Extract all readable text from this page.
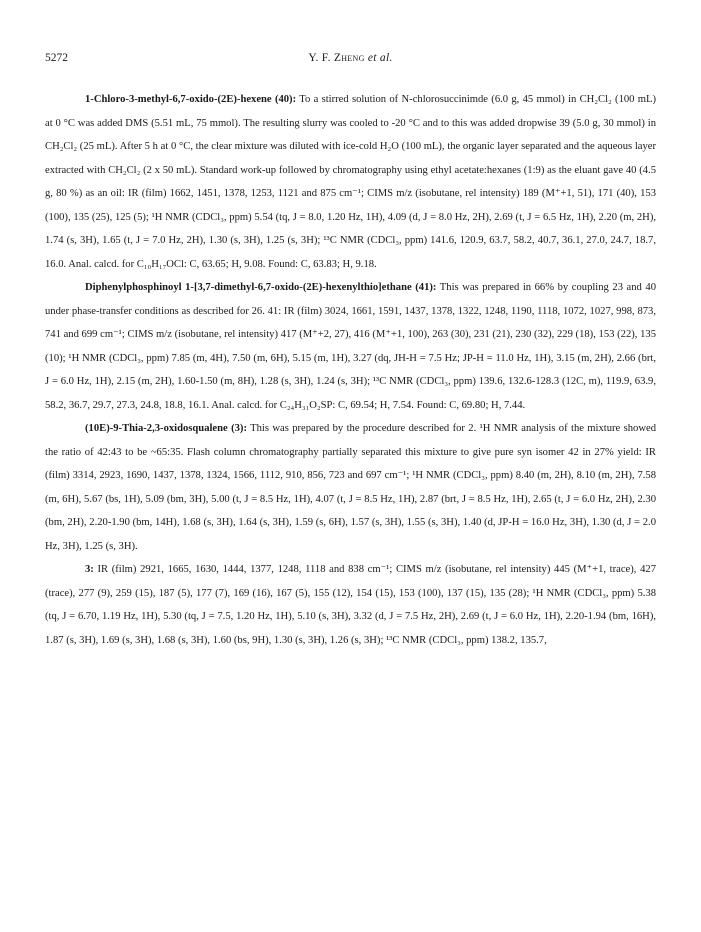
5272	Y. F. Zheng et al.

1-Chloro-3-methyl-6,7-oxido-(2E)-hexene (40): To a stirred solution of N-chlorosuccinimde (6.0 g, 45 mmol) in CH₂Cl₂ (100 mL) at 0 °C was added DMS (5.51 mL, 75 mmol). The resulting slurry was cooled to -20 °C and to this was added dropwise 39 (5.0 g, 30 mmol) in CH₂Cl₂ (25 mL). After 5 h at 0 °C, the clear mixture was diluted with ice-cold H₂O (100 mL), the organic layer separated and the aqueous layer extracted with CH₂Cl₂ (2 x 50 mL). Standard work-up followed by chromatography using ethyl acetate:hexanes (1:9) as the eluant gave 40 (4.5 g, 80 %) as an oil: IR (film) 1662, 1451, 1378, 1253, 1121 and 875 cm⁻¹; CIMS m/z (isobutane, rel intensity) 189 (M⁺+1, 51), 171 (40), 153 (100), 135 (25), 125 (5); ¹H NMR (CDCl₃, ppm) 5.54 (tq, J = 8.0, 1.20 Hz, 1H), 4.09 (d, J = 8.0 Hz, 2H), 2.69 (t, J = 6.5 Hz, 1H), 2.20 (m, 2H), 1.74 (s, 3H), 1.65 (t, J = 7.0 Hz, 2H), 1.30 (s, 3H), 1.25 (s, 3H); ¹³C NMR (CDCl₃, ppm) 141.6, 120.9, 63.7, 58.2, 40.7, 36.1, 27.0, 24.7, 18.7, 16.0. Anal. calcd. for C₁₀H₁₇OCl: C, 63.65; H, 9.08. Found: C, 63.83; H, 9.18.

Diphenylphosphinoyl 1-[3,7-dimethyl-6,7-oxido-(2E)-hexenylthio]ethane (41): This was prepared in 66% by coupling 23 and 40 under phase-transfer conditions as described for 26. 41: IR (film) 3024, 1661, 1591, 1437, 1378, 1322, 1248, 1190, 1118, 1072, 1027, 998, 873, 741 and 699 cm⁻¹; CIMS m/z (isobutane, rel intensity) 417 (M⁺+2, 27), 416 (M⁺+1, 100), 263 (30), 231 (21), 230 (32), 229 (18), 153 (22), 135 (10); ¹H NMR (CDCl₃, ppm) 7.85 (m, 4H), 7.50 (m, 6H), 5.15 (m, 1H), 3.27 (dq, JH-H = 7.5 Hz; JP-H = 11.0 Hz, 1H), 3.15 (m, 2H), 2.66 (brt, J = 6.0 Hz, 1H), 2.15 (m, 2H), 1.60-1.50 (m, 8H), 1.28 (s, 3H), 1.24 (s, 3H); ¹³C NMR (CDCl₃, ppm) 139.6, 132.6-128.3 (12C, m), 119.9, 63.9, 58.2, 36.7, 29.7, 27.3, 24.8, 18.8, 16.1. Anal. calcd. for C₂₄H₃₁O₂SP: C, 69.54; H, 7.54. Found: C, 69.80; H, 7.44.

(10E)-9-Thia-2,3-oxidosqualene (3): This was prepared by the procedure described for 2. ¹H NMR analysis of the mixture showed the ratio of 42:43 to be ~65:35. Flash column chromatography partially separated this mixture to give pure syn isomer 42 in 27% yield: IR (film) 3314, 2923, 1690, 1437, 1378, 1324, 1566, 1112, 910, 856, 723 and 697 cm⁻¹; ¹H NMR (CDCl₃, ppm) 8.40 (m, 2H), 8.10 (m, 2H), 7.58 (m, 6H), 5.67 (bs, 1H), 5.09 (bm, 3H), 5.00 (t, J = 8.5 Hz, 1H), 4.07 (t, J = 8.5 Hz, 1H), 2.87 (brt, J = 8.5 Hz, 1H), 2.65 (t, J = 6.0 Hz, 2H), 2.30 (bm, 2H), 2.20-1.90 (bm, 14H), 1.68 (s, 3H), 1.64 (s, 3H), 1.59 (s, 6H), 1.57 (s, 3H), 1.55 (s, 3H), 1.40 (d, JP-H = 16.0 Hz, 3H), 1.30 (d, J = 2.0 Hz, 3H), 1.25 (s, 3H).

3: IR (film) 2921, 1665, 1630, 1444, 1377, 1248, 1118 and 838 cm⁻¹; CIMS m/z (isobutane, rel intensity) 445 (M⁺+1, trace), 427 (trace), 277 (9), 259 (15), 187 (5), 177 (7), 169 (16), 167 (5), 155 (12), 154 (15), 153 (100), 137 (15), 135 (28); ¹H NMR (CDCl₃, ppm) 5.38 (tq, J = 6.70, 1.19 Hz, 1H), 5.30 (tq, J = 7.5, 1.20 Hz, 1H), 5.10 (s, 3H), 3.32 (d, J = 7.5 Hz, 2H), 2.69 (t, J = 6.0 Hz, 1H), 2.20-1.94 (bm, 16H), 1.87 (s, 3H), 1.69 (s, 3H), 1.68 (s, 3H), 1.60 (bs, 9H), 1.30 (s, 3H), 1.26 (s, 3H); ¹³C NMR (CDCl₃, ppm) 138.2, 135.7,
